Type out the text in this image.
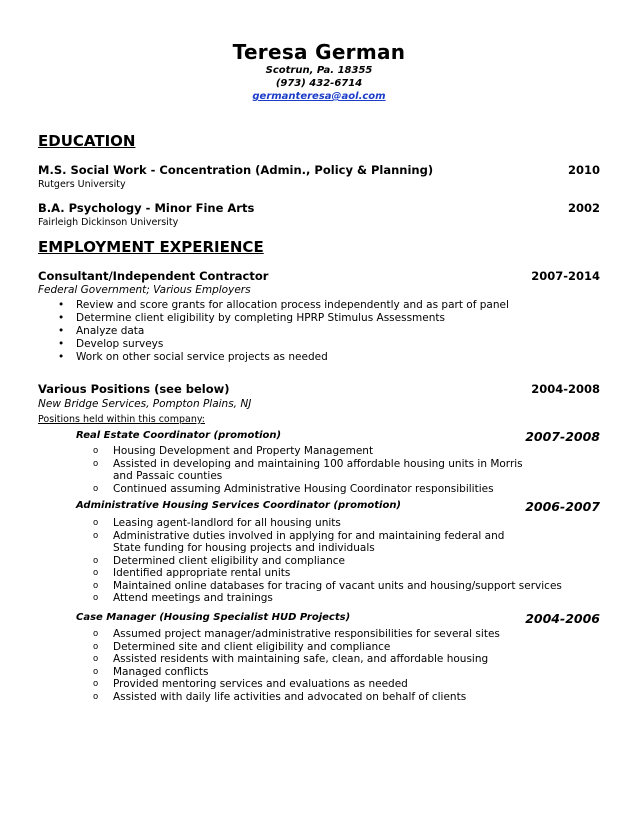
Teresa German
Scotrun, Pa. 18355
(973) 432-6714
germanteresa@aol.com
EDUCATION
M.S. Social Work - Concentration (Admin., Policy & Planning)	2010
Rutgers University
B.A. Psychology - Minor Fine Arts	2002
Fairleigh Dickinson University
EMPLOYMENT EXPERIENCE
Consultant/Independent Contractor	2007-2014
Federal Government; Various Employers
• Review and score grants for allocation process independently and as part of panel
• Determine client eligibility by completing HPRP Stimulus Assessments
• Analyze data
• Develop surveys
• Work on other social service projects as needed
Various Positions (see below)	2004-2008
New Bridge Services, Pompton Plains, NJ
Positions held within this company:
Real Estate Coordinator (promotion)	2007-2008
o Housing Development and Property Management
o Assisted in developing and maintaining 100 affordable housing units in Morris and Passaic counties
o Continued assuming Administrative Housing Coordinator responsibilities
Administrative Housing Services Coordinator (promotion)	2006-2007
o Leasing agent-landlord for all housing units
o Administrative duties involved in applying for and maintaining federal and State funding for housing projects and individuals
o Determined client eligibility and compliance
o Identified appropriate rental units
o Maintained online databases for tracing of vacant units and housing/support services
o Attend meetings and trainings
Case Manager (Housing Specialist HUD Projects)	2004-2006
o Assumed project manager/administrative responsibilities for several sites
o Determined site and client eligibility and compliance
o Assisted residents with maintaining safe, clean, and affordable housing
o Managed conflicts
o Provided mentoring services and evaluations as needed
o Assisted with daily life activities and advocated on behalf of clients
